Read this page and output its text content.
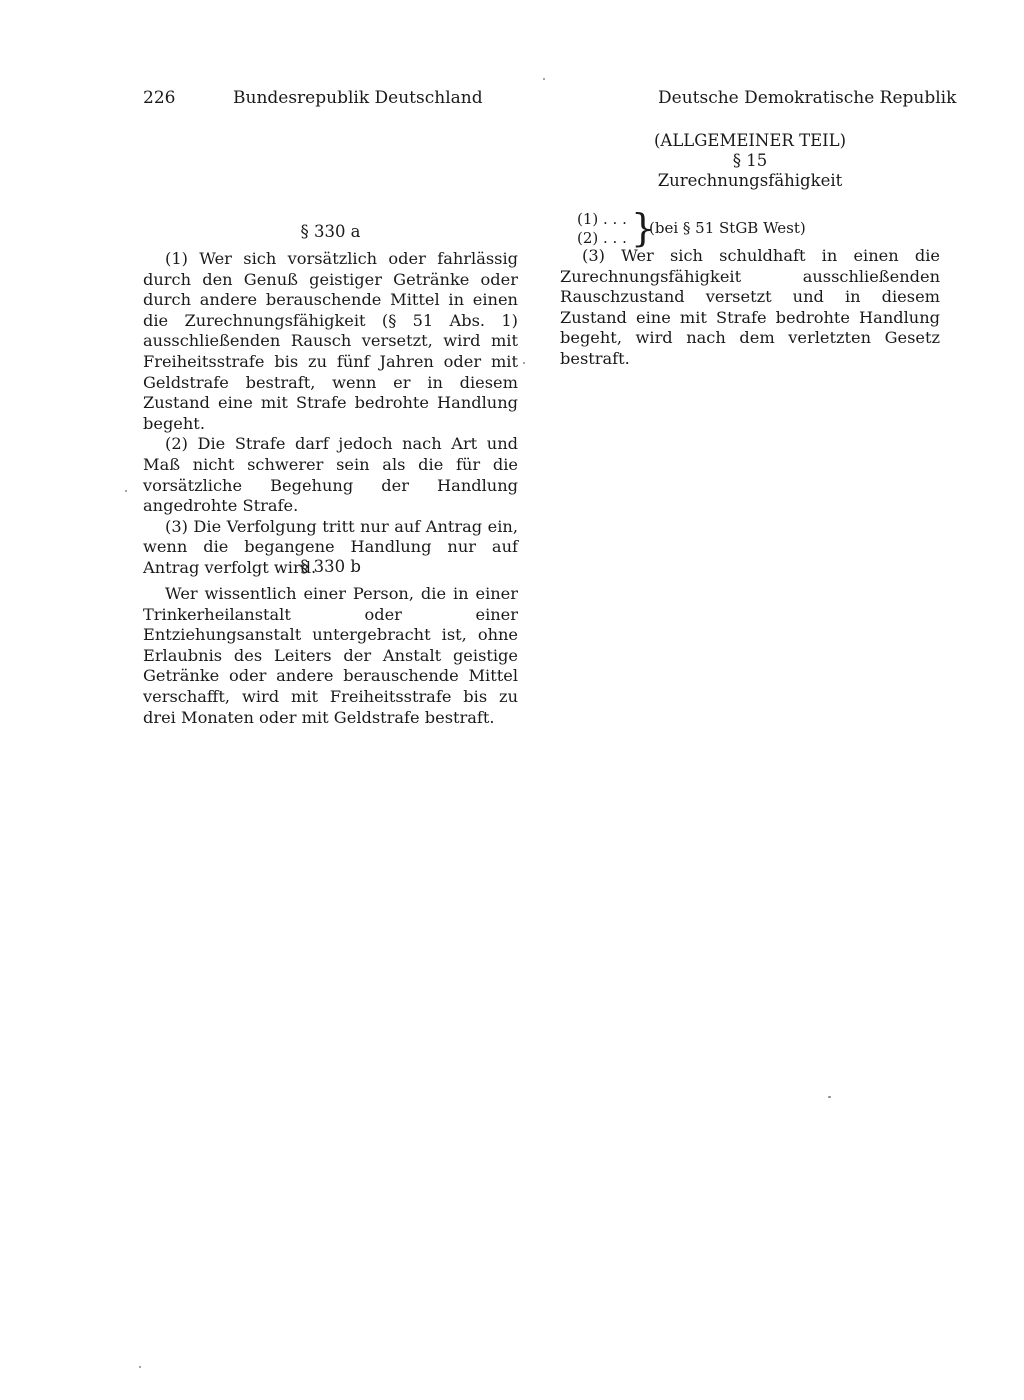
226	Bundesrepublik Deutschland	Deutsche Demokratische Republik
(ALLGEMEINER TEIL)
§ 15
Zurechnungsfähigkeit
(1) . . .
(2) . . . }
(bei § 51 StGB West)

(3) Wer sich schuldhaft in einen die Zurechnungsfähigkeit ausschließenden Rauschzustand versetzt und in diesem Zustand eine mit Strafe bedrohte Handlung begeht, wird nach dem verletzten Gesetz bestraft.

§ 330 a

(1) Wer sich vorsätzlich oder fahrlässig durch den Genuß geistiger Getränke oder durch andere berauschende Mittel in einen die Zurechnungsfähigkeit (§ 51 Abs. 1) ausschließenden Rausch versetzt, wird mit Freiheitsstrafe bis zu fünf Jahren oder mit Geldstrafe bestraft, wenn er in diesem Zustand eine mit Strafe bedrohte Handlung begeht.

(2) Die Strafe darf jedoch nach Art und Maß nicht schwerer sein als die für die vorsätzliche Begehung der Handlung angedrohte Strafe.

(3) Die Verfolgung tritt nur auf Antrag ein, wenn die begangene Handlung nur auf Antrag verfolgt wird.

§ 330 b

Wer wissentlich einer Person, die in einer Trinkerheilanstalt oder einer Entziehungsanstalt untergebracht ist, ohne Erlaubnis des Leiters der Anstalt geistige Getränke oder andere berauschende Mittel verschafft, wird mit Freiheitsstrafe bis zu drei Monaten oder mit Geldstrafe bestraft.
